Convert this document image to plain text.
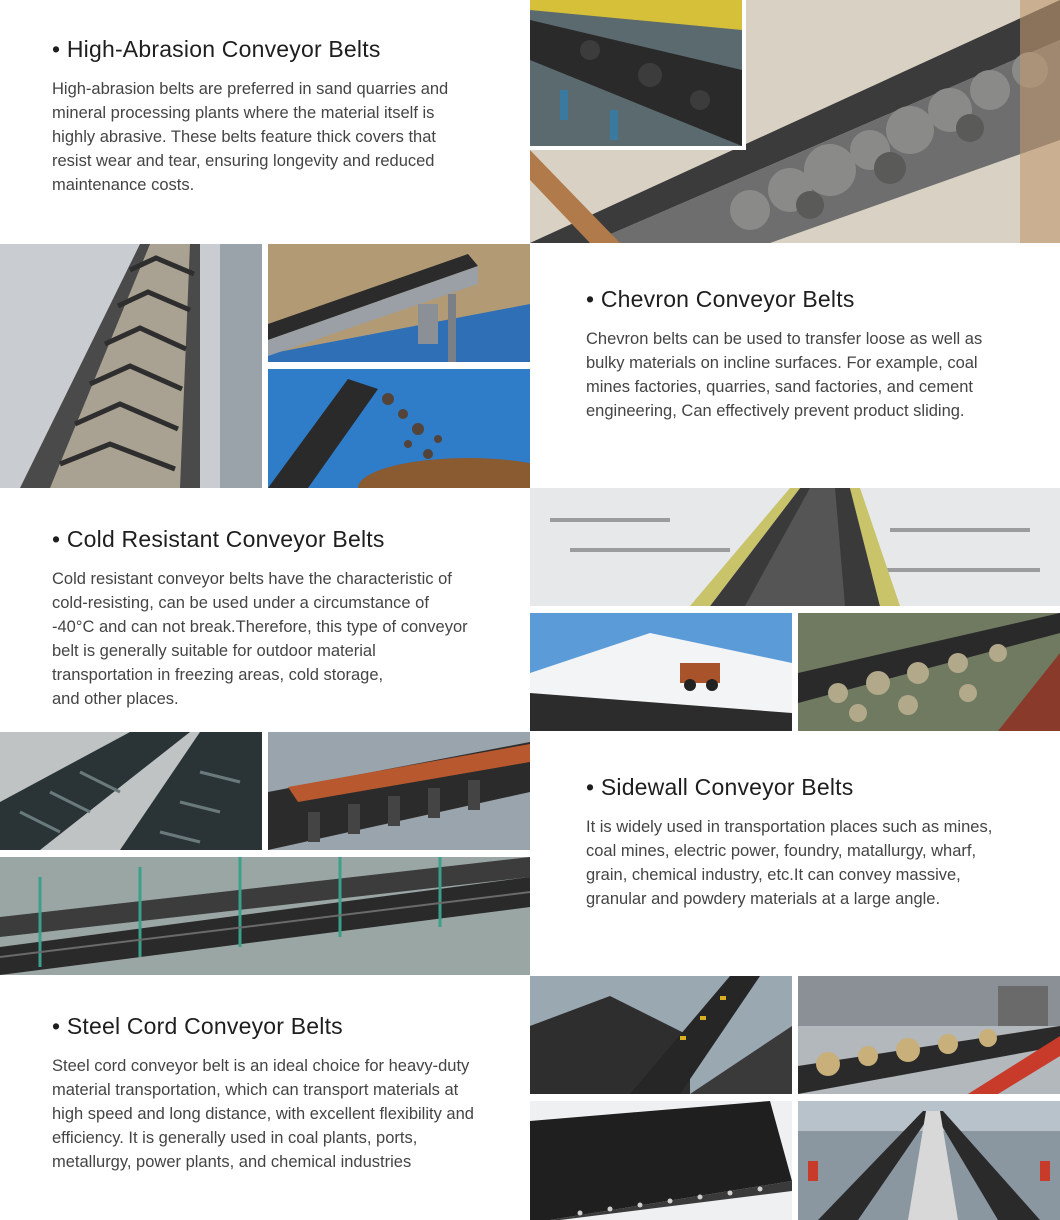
• High-Abrasion Conveyor Belts

High-abrasion belts are preferred in sand quarries and
mineral processing plants where the material itself is
highly abrasive. These belts feature thick covers that
resist wear and tear, ensuring longevity and reduced
maintenance costs.

• Chevron Conveyor Belts

Chevron belts can be used to transfer loose as well as
bulky materials on incline surfaces. For example, coal
mines factories, quarries, sand factories, and cement
engineering, Can effectively prevent product sliding.

• Cold Resistant Conveyor Belts

Cold resistant conveyor belts have the characteristic of
cold-resisting, can be used under a circumstance of
-40°C and can not break.Therefore, this type of conveyor
belt is generally suitable for outdoor material
transportation in freezing areas, cold storage,
and other places.

• Sidewall Conveyor Belts

It is widely used in transportation places such as mines,
coal mines, electric power, foundry, matallurgy, wharf,
grain, chemical industry, etc.It can convey massive,
granular and powdery materials at a large angle.

• Steel Cord Conveyor Belts

Steel cord conveyor belt is an ideal choice for heavy-duty
material transportation, which can transport materials at
high speed and long distance, with excellent flexibility and
efficiency. It is generally used in coal plants, ports,
metallurgy, power plants, and chemical industries
